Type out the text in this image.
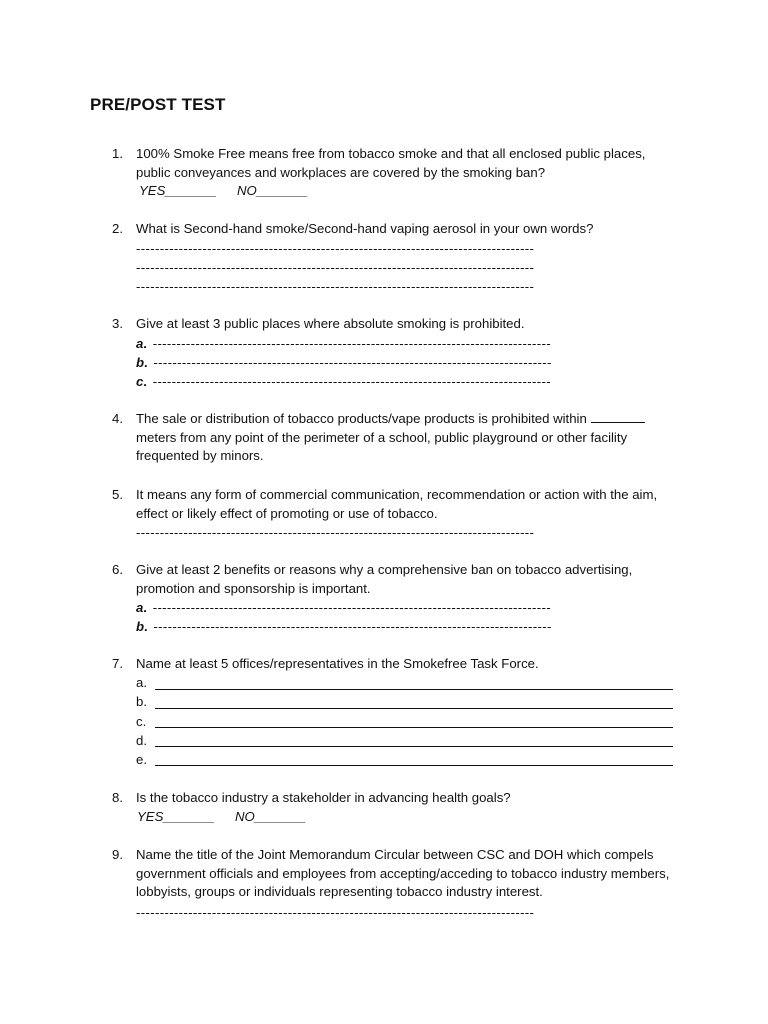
PRE/POST TEST
1. 100% Smoke Free means free from tobacco smoke and that all enclosed public places, public conveyances and workplaces are covered by the smoking ban?
YES_______ NO_______
2. What is Second-hand smoke/Second-hand vaping aerosol in your own words?
------------------------------------------------------------------------------------
------------------------------------------------------------------------------------
------------------------------------------------------------------------------------
3. Give at least 3 public places where absolute smoking is prohibited.
a. ------------------------------------------------------------------------------------
b. ------------------------------------------------------------------------------------
c. ------------------------------------------------------------------------------------
4. The sale or distribution of tobacco products/vape products is prohibited within  meters from any point of the perimeter of a school, public playground or other facility frequented by minors.
5. It means any form of commercial communication, recommendation or action with the aim, effect or likely effect of promoting or use of tobacco.
------------------------------------------------------------------------------------
6. Give at least 2 benefits or reasons why a comprehensive ban on tobacco advertising, promotion and sponsorship is important.
a. ------------------------------------------------------------------------------------
b. ------------------------------------------------------------------------------------
7. Name at least 5 offices/representatives in the Smokefree Task Force.
a.
b.
c.
d.
e.
8. Is the tobacco industry a stakeholder in advancing health goals?
YES_______ NO_______
9. Name the title of the Joint Memorandum Circular between CSC and DOH which compels government officials and employees from accepting/acceding to tobacco industry members, lobbyists, groups or individuals representing tobacco industry interest.
------------------------------------------------------------------------------------
